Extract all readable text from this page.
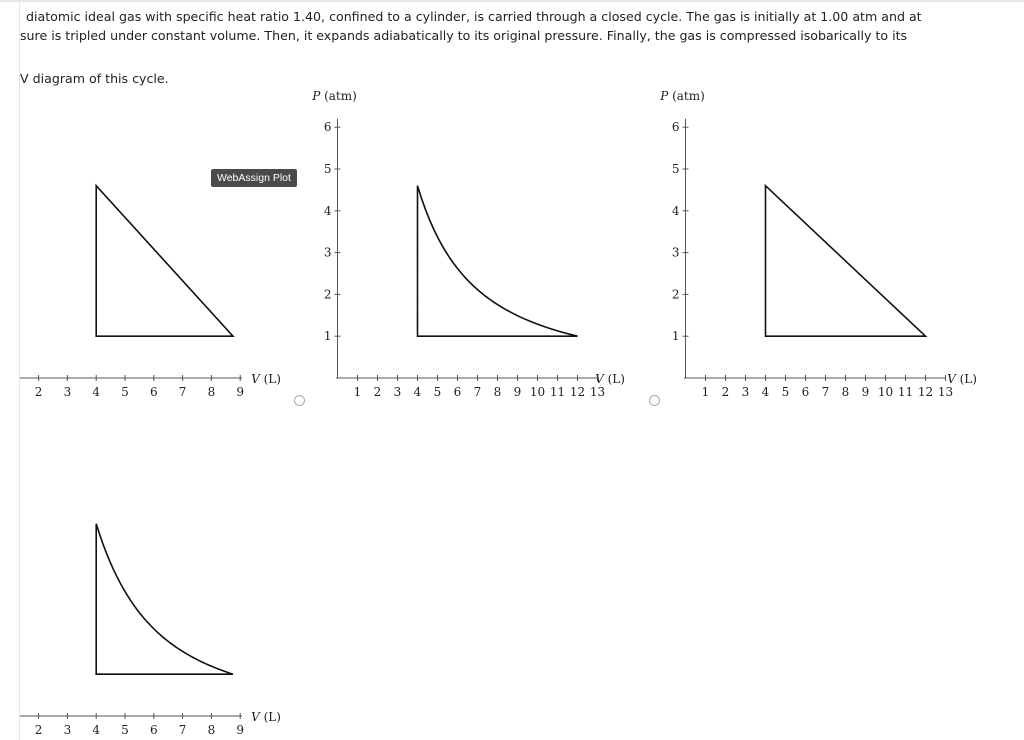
diatomic ideal gas with specific heat ratio 1.40, confined to a cylinder, is carried through a closed cycle. The gas is initially at 1.00 atm and at
sure is tripled under constant volume. Then, it expands adiabatically to its original pressure. Finally, the gas is compressed isobarically to its
V diagram of this cycle.
2 3 4 5 6 7 8 9
V (L)
1 2 3 4 5 6 7 8 9 10 11 12 13
V (L)
1
2
3
4
5
6
P (atm)
1 2 3 4 5 6 7 8 9 10 11 12 13
V (L)
1
2
3
4
5
6
P (atm)
2 3 4 5 6 7 8 9
V (L)
WebAssign Plot
